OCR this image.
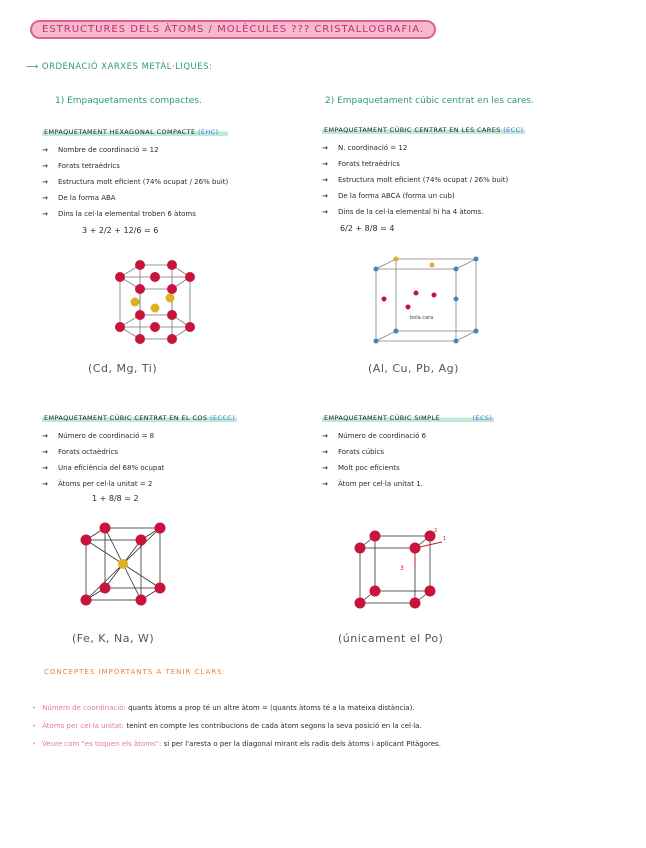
ESTRUCTURES DELS ÀTOMS / MOLÈCULES ??? CRISTALLOGRAFIA.
⟶ ORDENACIÓ XARXES METÀL·LIQUES:
1) Empaquetaments compactes.	2) Empaquetament cúbic centrat en les cares.
EMPAQUETAMENT HEXAGONAL COMPACTE (EHC)
→ Nombre de coordinació = 12
→ Forats tetraèdrics
→ Estructura molt eficient (74% ocupat / 26% buit)
→ De la forma ABA
→ Dins la cel·la elemental troben 6 àtoms
3 + 2/2 + 12/6 = 6
EMPAQUETAMENT CÚBIC CENTRAT EN LES CARES (ECC)
→ N. coordinació = 12
→ Forats tetraèdrics
→ Estructura molt eficient (74% ocupat / 26% buit)
→ De la forma ABCA (forma un cub)
→ Dins de la cel·la elemental hi ha 4 àtoms.
6/2 + 8/8 = 4
bola cara
(Cd, Mg, Ti)	(Al, Cu, Pb, Ag)
EMPAQUETAMENT CÚBIC CENTRAT EN EL COS (ECCC)
→ Número de coordinació = 8
→ Forats octaèdrics
→ Una eficiència del 68% ocupat
→ Àtoms per cel·la unitat = 2
1 + 8/8 = 2
EMPAQUETAMENT CÚBIC SIMPLE	(ECS)
→ Número de coordinació 6
→ Forats cúbics
→ Molt poc eficients
→ Àtom per cel·la unitat 1.
1
2
3
(Fe, K, Na, W)	(únicament el Po)
CONCEPTES IMPORTANTS A TENIR CLARS:
• Número de coordinació: quants àtoms a prop té un altre àtom = (quants àtoms té a la mateixa distància).
• Àtoms per cel·la unitat: tenint en compte les contribucions de cada àtom segons la seva posició en la cel·la.
• Veure com "es toquen els àtoms": si per l'aresta o per la diagonal mirant els radis dels àtoms i aplicant Pitàgores.
